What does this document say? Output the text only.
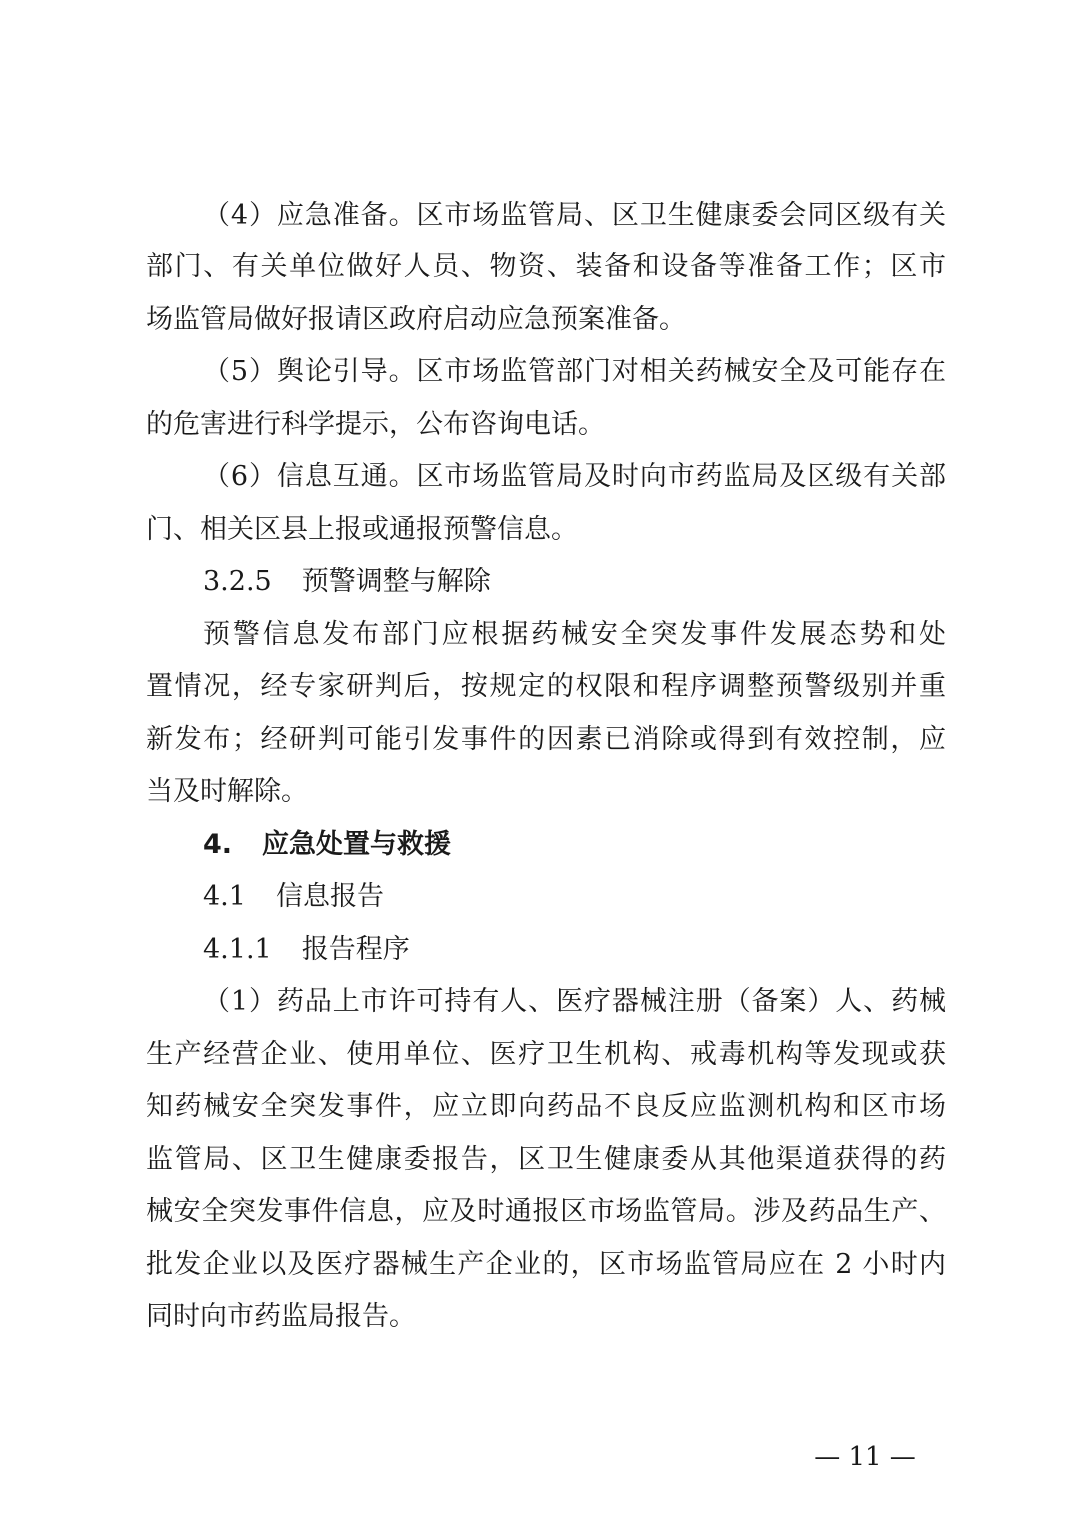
（4）应急准备。区市场监管局、区卫生健康委会同区级有关
部门、有关单位做好人员、物资、装备和设备等准备工作；区市
场监管局做好报请区政府启动应急预案准备。
（5）舆论引导。区市场监管部门对相关药械安全及可能存在
的危害进行科学提示，公布咨询电话。
（6）信息互通。区市场监管局及时向市药监局及区级有关部
门、相关区县上报或通报预警信息。
3.2.5 预警调整与解除
预警信息发布部门应根据药械安全突发事件发展态势和处
置情况，经专家研判后，按规定的权限和程序调整预警级别并重
新发布；经研判可能引发事件的因素已消除或得到有效控制，应
当及时解除。
4. 应急处置与救援
4.1 信息报告
4.1.1 报告程序
（1）药品上市许可持有人、医疗器械注册（备案）人、药械
生产经营企业、使用单位、医疗卫生机构、戒毒机构等发现或获
知药械安全突发事件，应立即向药品不良反应监测机构和区市场
监管局、区卫生健康委报告，区卫生健康委从其他渠道获得的药
械安全突发事件信息，应及时通报区市场监管局。涉及药品生产、
批发企业以及医疗器械生产企业的，区市场监管局应在 2 小时内
同时向市药监局报告。
— 11 —
